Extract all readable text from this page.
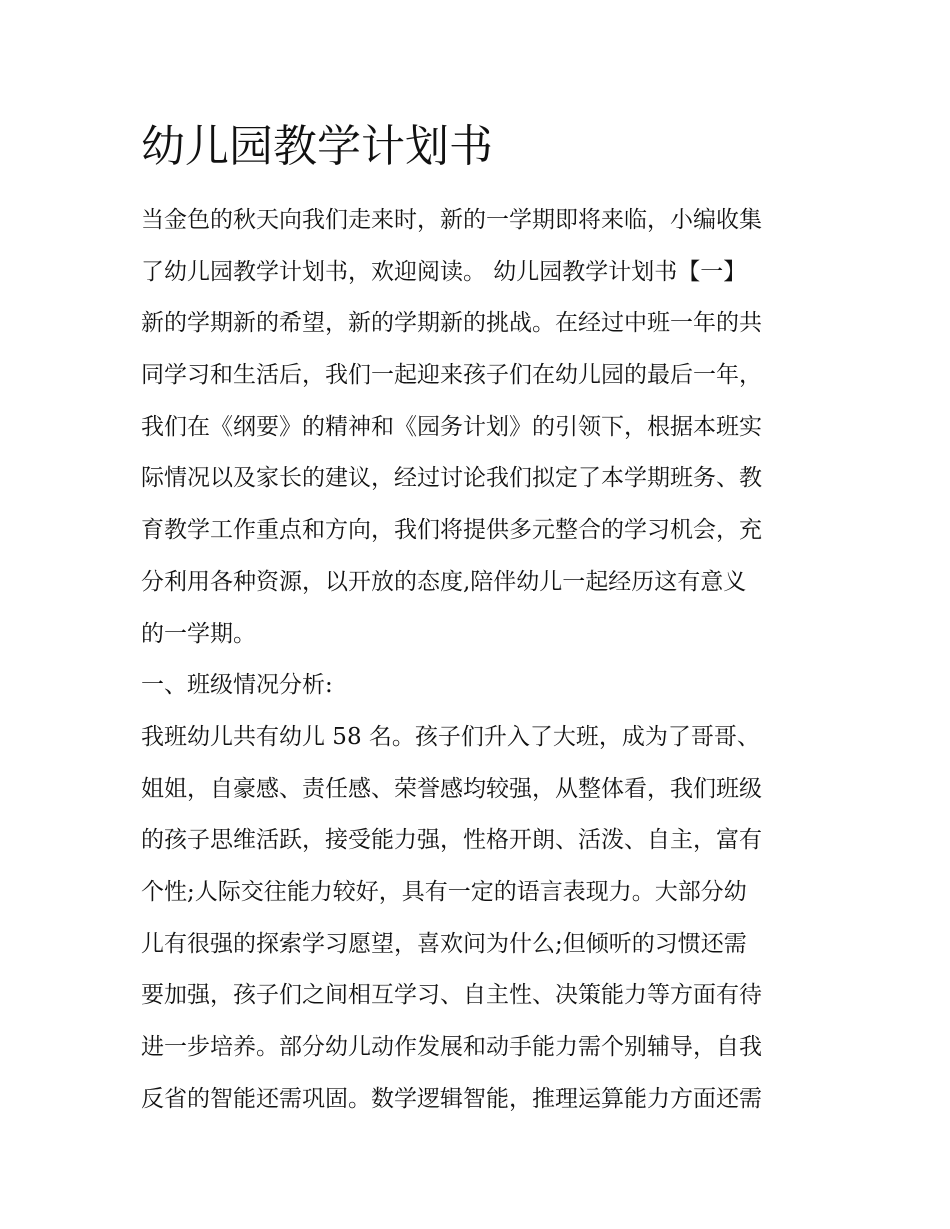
幼儿园教学计划书
当金色的秋天向我们走来时，新的一学期即将来临，小编收集
了幼儿园教学计划书，欢迎阅读。 幼儿园教学计划书【一】
新的学期新的希望，新的学期新的挑战。在经过中班一年的共
同学习和生活后，我们一起迎来孩子们在幼儿园的最后一年，
我们在《纲要》的精神和《园务计划》的引领下，根据本班实
际情况以及家长的建议，经过讨论我们拟定了本学期班务、教
育教学工作重点和方向，我们将提供多元整合的学习机会，充
分利用各种资源，以开放的态度,陪伴幼儿一起经历这有意义
的一学期。
一、班级情况分析:
我班幼儿共有幼儿 58 名。孩子们升入了大班，成为了哥哥、
姐姐，自豪感、责任感、荣誉感均较强，从整体看，我们班级
的孩子思维活跃，接受能力强，性格开朗、活泼、自主，富有
个性;人际交往能力较好，具有一定的语言表现力。大部分幼
儿有很强的探索学习愿望，喜欢问为什么;但倾听的习惯还需
要加强，孩子们之间相互学习、自主性、决策能力等方面有待
进一步培养。部分幼儿动作发展和动手能力需个别辅导，自我
反省的智能还需巩固。数学逻辑智能，推理运算能力方面还需
